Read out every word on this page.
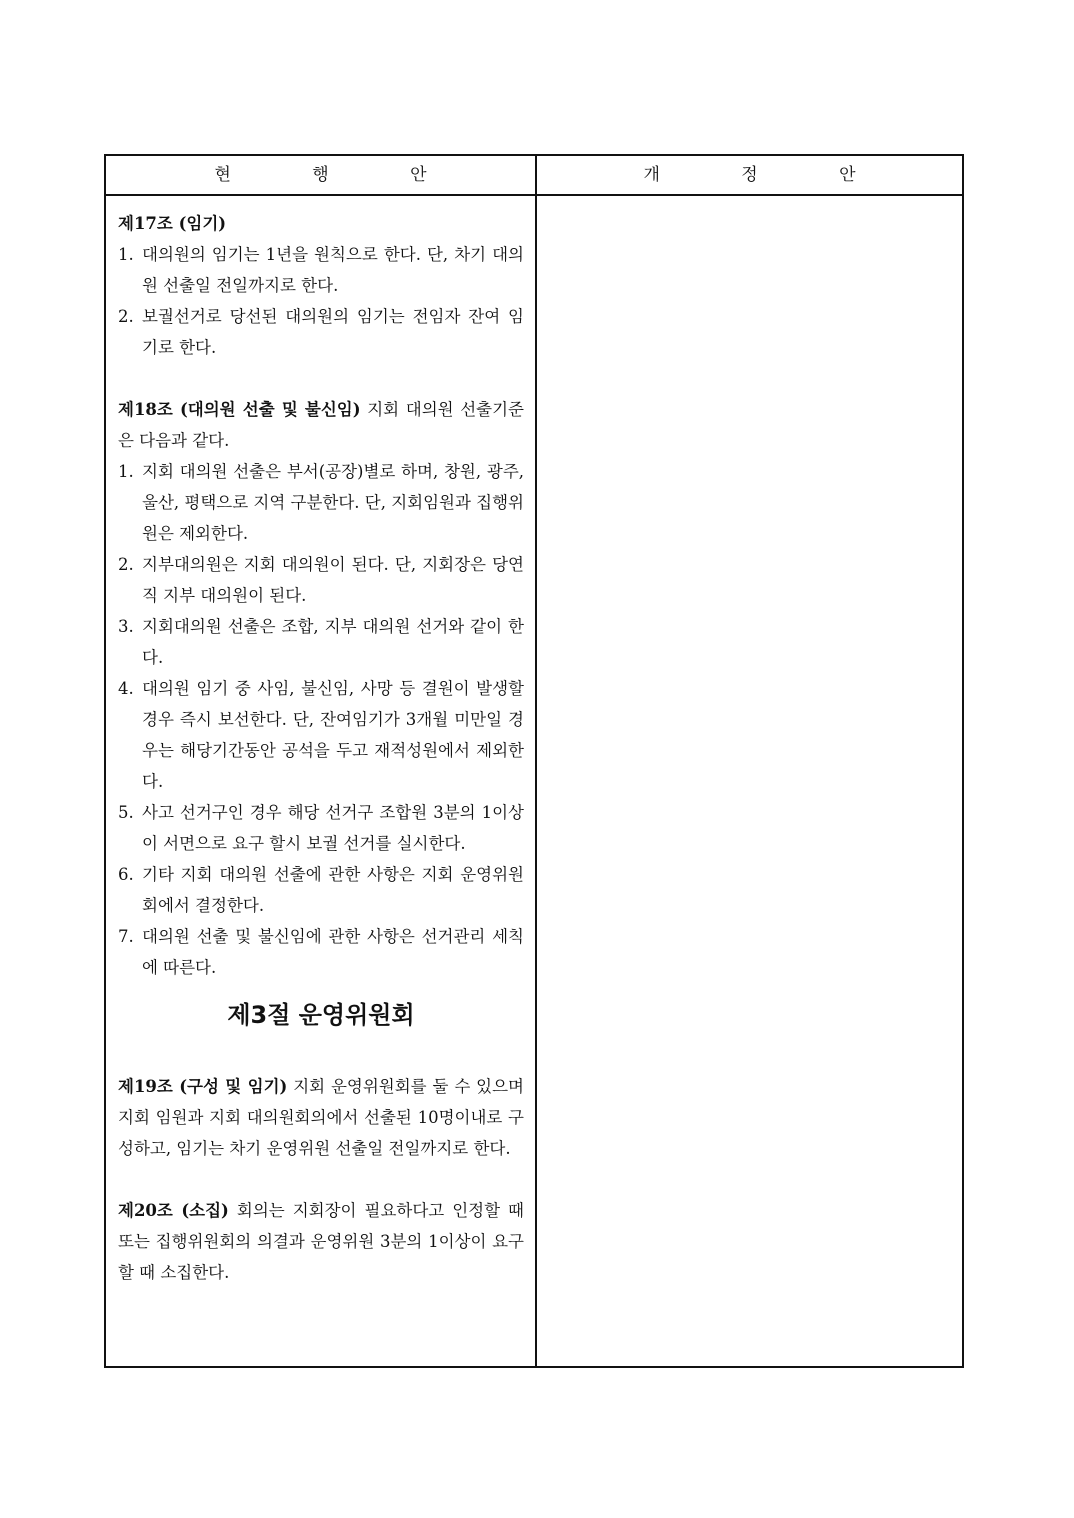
현 행 안	개 정 안

제17조 (임기)

1. 대의원의 임기는 1년을 원칙으로 한다. 단, 차기 대의원 선출일 전일까지로 한다.

2. 보궐선거로 당선된 대의원의 임기는 전임자 잔여 임기로 한다.

제18조 (대의원 선출 및 불신임) 지회 대의원 선출기준은 다음과 같다.

1. 지회 대의원 선출은 부서(공장)별로 하며, 창원, 광주, 울산, 평택으로 지역 구분한다. 단, 지회임원과 집행위원은 제외한다.

2. 지부대의원은 지회 대의원이 된다. 단, 지회장은 당연직 지부 대의원이 된다.

3. 지회대의원 선출은 조합, 지부 대의원 선거와 같이 한다.

4. 대의원 임기 중 사임, 불신임, 사망 등 결원이 발생할 경우 즉시 보선한다. 단, 잔여임기가 3개월 미만일 경우는 해당기간동안 공석을 두고 재적성원에서 제외한다.

5. 사고 선거구인 경우 해당 선거구 조합원 3분의 1이상이 서면으로 요구 할시 보궐 선거를 실시한다.

6. 기타 지회 대의원 선출에 관한 사항은 지회 운영위원회에서 결정한다.

7. 대의원 선출 및 불신임에 관한 사항은 선거관리 세칙에 따른다.

제3절 운영위원회

제19조 (구성 및 임기) 지회 운영위원회를 둘 수 있으며 지회 임원과 지회 대의원회의에서 선출된 10명이내로 구성하고, 임기는 차기 운영위원 선출일 전일까지로 한다.

제20조 (소집) 회의는 지회장이 필요하다고 인정할 때 또는 집행위원회의 의결과 운영위원 3분의 1이상이 요구할 때 소집한다.
